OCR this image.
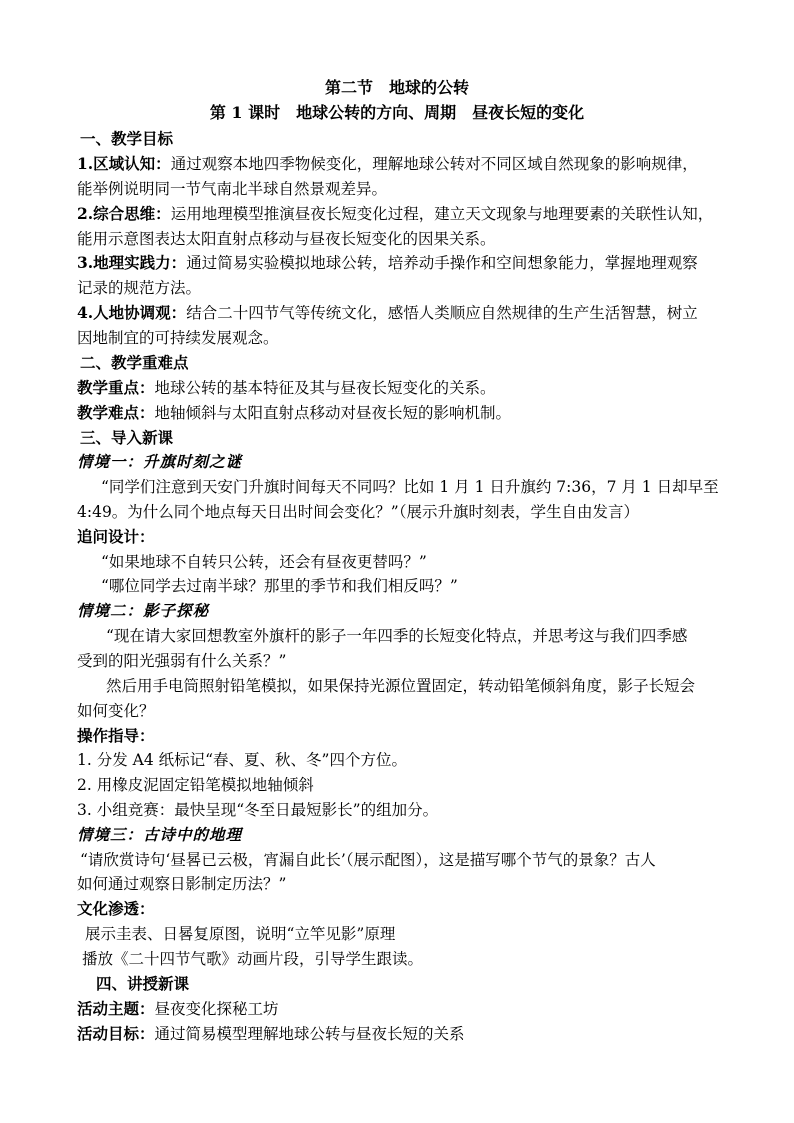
第二节　地球的公转
第 1 课时　地球公转的方向、周期　昼夜长短的变化
一、教学目标
1.区域认知：通过观察本地四季物候变化，理解地球公转对不同区域自然现象的影响规律，
能举例说明同一节气南北半球自然景观差异。
2.综合思维：运用地理模型推演昼夜长短变化过程，建立天文现象与地理要素的关联性认知，
能用示意图表达太阳直射点移动与昼夜长短变化的因果关系。
3.地理实践力：通过简易实验模拟地球公转，培养动手操作和空间想象能力，掌握地理观察
记录的规范方法。
4.人地协调观：结合二十四节气等传统文化，感悟人类顺应自然规律的生产生活智慧，树立
因地制宜的可持续发展观念。
二、教学重难点
教学重点：地球公转的基本特征及其与昼夜长短变化的关系。
教学难点：地轴倾斜与太阳直射点移动对昼夜长短的影响机制。
三、导入新课
情境一：升旗时刻之谜
“同学们注意到天安门升旗时间每天不同吗？比如 1 月 1 日升旗约 7:36，7 月 1 日却早至
4:49。为什么同个地点每天日出时间会变化？”（展示升旗时刻表，学生自由发言）
追问设计：
“如果地球不自转只公转，还会有昼夜更替吗？”
“哪位同学去过南半球？那里的季节和我们相反吗？”
情境二：影子探秘
“现在请大家回想教室外旗杆的影子一年四季的长短变化特点，并思考这与我们四季感
受到的阳光强弱有什么关系？”
然后用手电筒照射铅笔模拟，如果保持光源位置固定，转动铅笔倾斜角度，影子长短会
如何变化？
操作指导：
1. 分发 A4 纸标记“春、夏、秋、冬”四个方位。
2. 用橡皮泥固定铅笔模拟地轴倾斜
3. 小组竞赛：最快呈现“冬至日最短影长”的组加分。
情境三：古诗中的地理
“请欣赏诗句‘昼晷已云极，宵漏自此长’（展示配图），这是描写哪个节气的景象？古人
如何通过观察日影制定历法？”
文化渗透：
展示圭表、日晷复原图，说明“立竿见影”原理
播放《二十四节气歌》动画片段，引导学生跟读。
四、讲授新课
活动主题：昼夜变化探秘工坊
活动目标：通过简易模型理解地球公转与昼夜长短的关系
